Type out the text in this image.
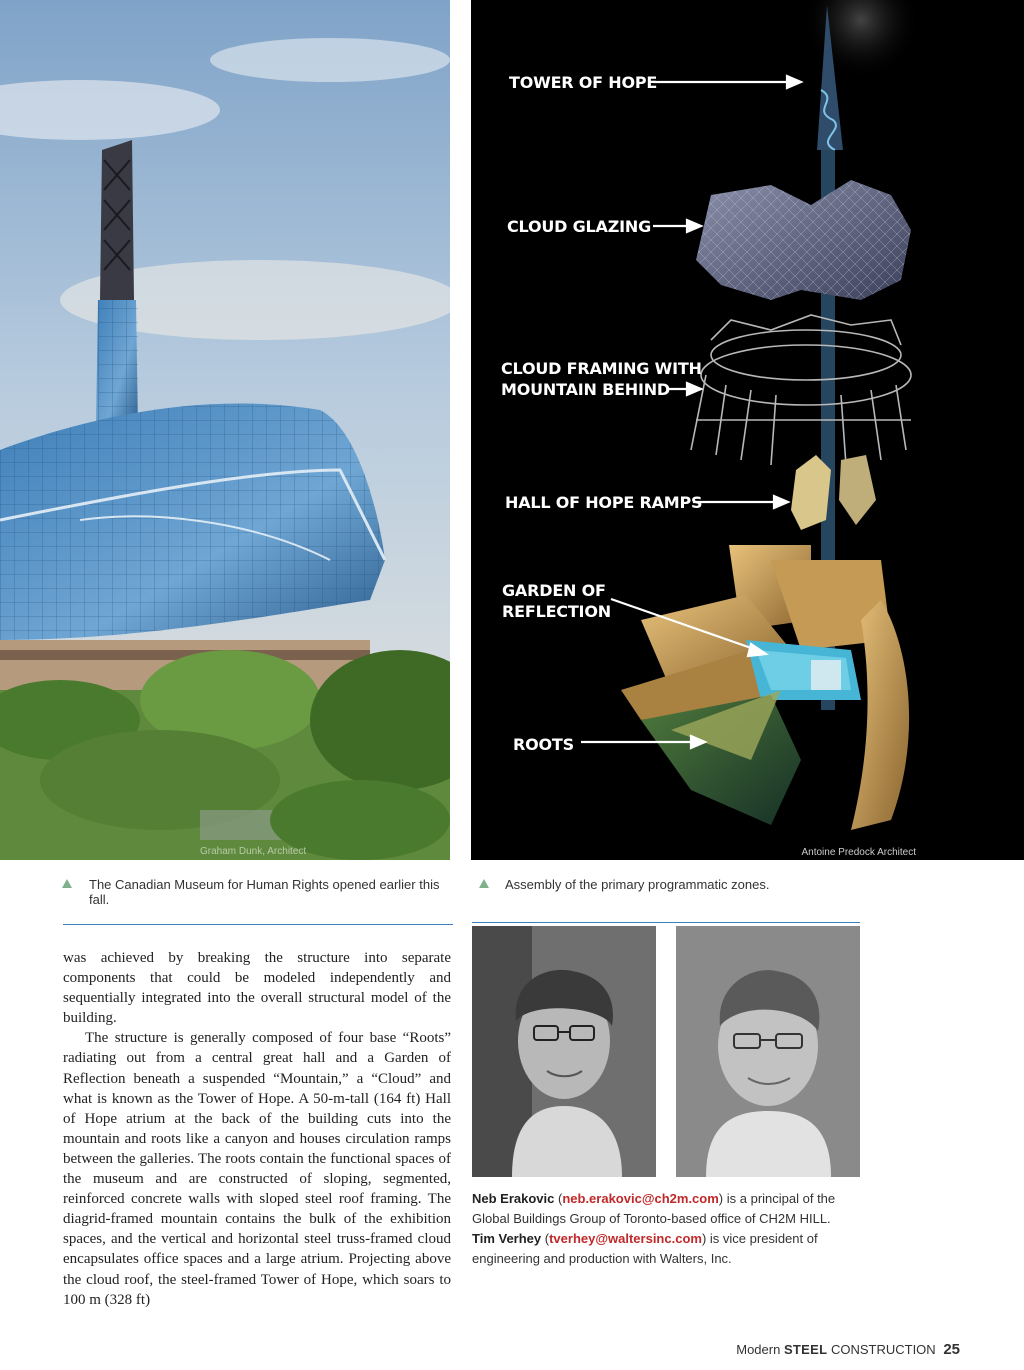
Graham Dunk, Architect
TOWER OF HOPE
CLOUD GLAZING
CLOUD FRAMING WITH
MOUNTAIN BEHIND
HALL OF HOPE RAMPS
GARDEN OF
REFLECTION
ROOTS
Antoine Predock Architect
The Canadian Museum for Human Rights opened earlier this fall.
Assembly of the primary programmatic zones.

was achieved by breaking the structure into separate components that could be modeled independently and sequentially integrated into the overall structural model of the building.

The structure is generally composed of four base “Roots” radiating out from a central great hall and a Garden of Reflection beneath a suspended “Mountain,” a “Cloud” and what is known as the Tower of Hope. A 50-m-tall (164 ft) Hall of Hope atrium at the back of the building cuts into the mountain and roots like a canyon and houses circulation ramps between the galleries. The roots contain the functional spaces of the museum and are constructed of sloping, segmented, reinforced concrete walls with sloped steel roof framing. The diagrid-framed mountain contains the bulk of the exhibition spaces, and the vertical and horizontal steel truss-framed cloud encapsulates office spaces and a large atrium. Projecting above the cloud roof, the steel-framed Tower of Hope, which soars to 100 m (328 ft)

Neb Erakovic (neb.erakovic@ch2m.com) is a principal of the Global Buildings Group of Toronto-based office of CH2M HILL.
Tim Verhey (tverhey@waltersinc.com) is vice president of engineering and production with Walters, Inc.
Modern STEEL CONSTRUCTION 25
